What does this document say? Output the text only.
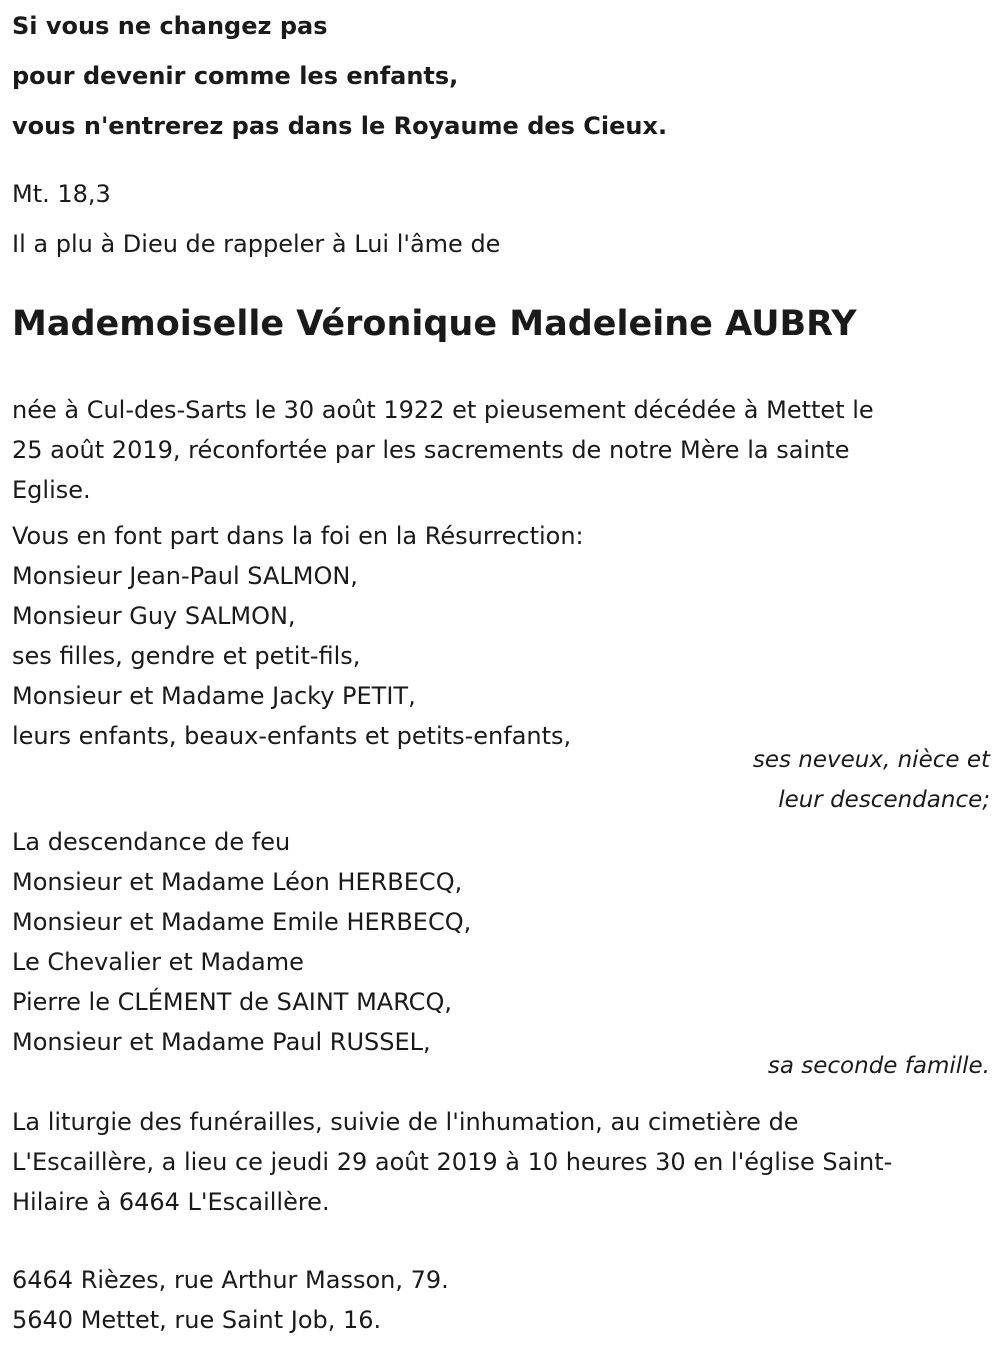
Si vous ne changez pas
pour devenir comme les enfants,
vous n'entrerez pas dans le Royaume des Cieux.
Mt. 18,3
Il a plu à Dieu de rappeler à Lui l'âme de
Mademoiselle Véronique Madeleine AUBRY
née à Cul-des-Sarts le 30 août 1922 et pieusement décédée à Mettet le
25 août 2019, réconfortée par les sacrements de notre Mère la sainte
Eglise.
Vous en font part dans la foi en la Résurrection:
Monsieur Jean-Paul SALMON,
Monsieur Guy SALMON,
ses filles, gendre et petit-fils,
Monsieur et Madame Jacky PETIT,
leurs enfants, beaux-enfants et petits-enfants,
ses neveux, nièce et
leur descendance;
La descendance de feu
Monsieur et Madame Léon HERBECQ,
Monsieur et Madame Emile HERBECQ,
Le Chevalier et Madame
Pierre le CLÉMENT de SAINT MARCQ,
Monsieur et Madame Paul RUSSEL,
sa seconde famille.
La liturgie des funérailles, suivie de l'inhumation, au cimetière de
L'Escaillère, a lieu ce jeudi 29 août 2019 à 10 heures 30 en l'église Saint-
Hilaire à 6464 L'Escaillère.
6464 Rièzes, rue Arthur Masson, 79.
5640 Mettet, rue Saint Job, 16.
